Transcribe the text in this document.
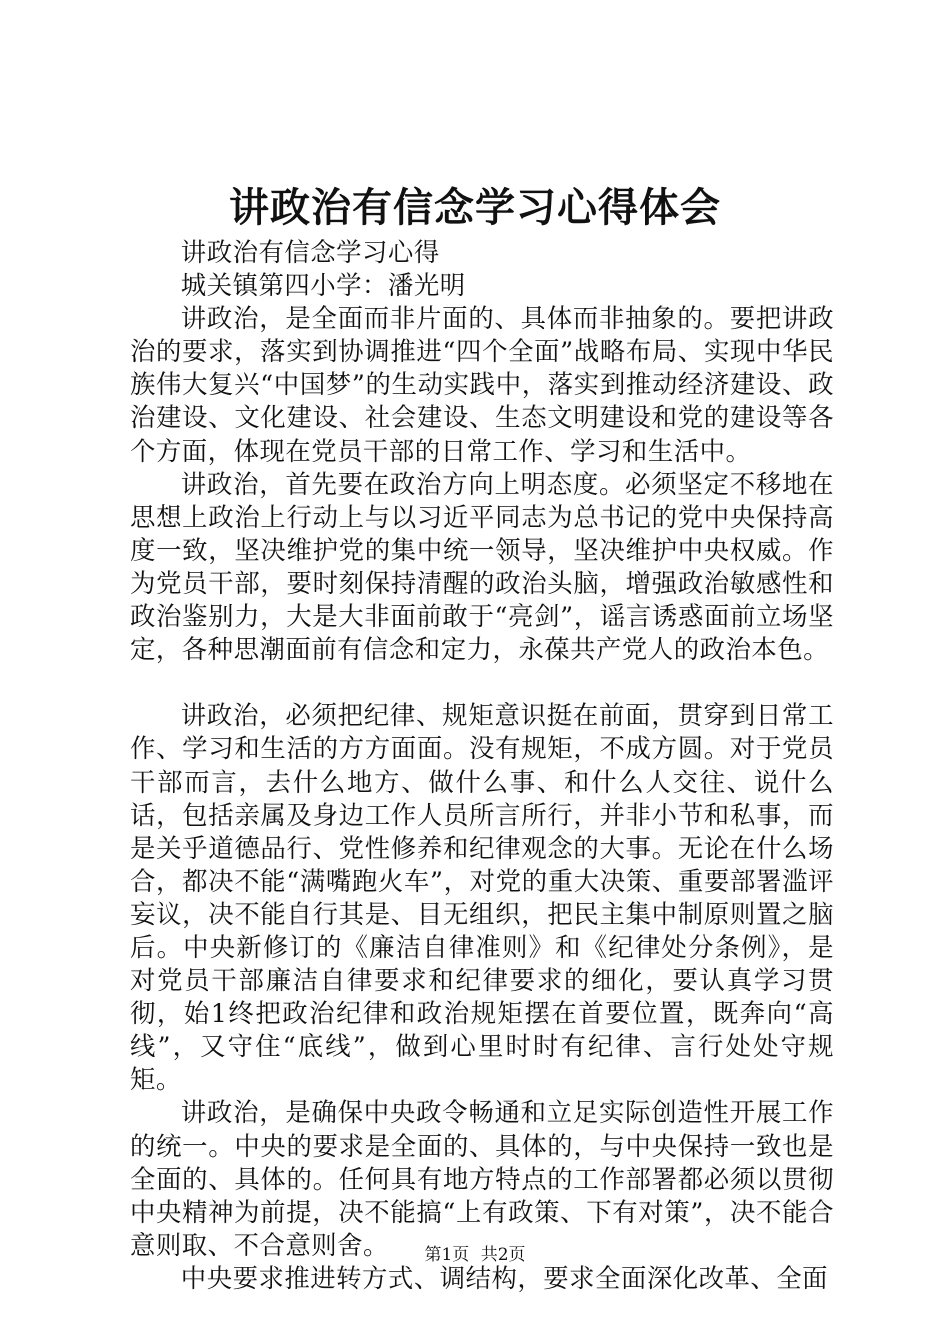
讲政治有信念学习心得体会

讲政治有信念学习心得

城关镇第四小学：潘光明

讲政治，是全面而非片面的、具体而非抽象的。要把讲政治的要求，落实到协调推进“四个全面”战略布局、实现中华民族伟大复兴“中国梦”的生动实践中，落实到推动经济建设、政治建设、文化建设、社会建设、生态文明建设和党的建设等各个方面，体现在党员干部的日常工作、学习和生活中。

讲政治，首先要在政治方向上明态度。必须坚定不移地在思想上政治上行动上与以习近平同志为总书记的党中央保持高度一致，坚决维护党的集中统一领导，坚决维护中央权威。作为党员干部，要时刻保持清醒的政治头脑，增强政治敏感性和政治鉴别力，大是大非面前敢于“亮剑”，谣言诱惑面前立场坚定，各种思潮面前有信念和定力，永葆共产党人的政治本色。

讲政治，必须把纪律、规矩意识挺在前面，贯穿到日常工作、学习和生活的方方面面。没有规矩，不成方圆。对于党员干部而言，去什么地方、做什么事、和什么人交往、说什么话，包括亲属及身边工作人员所言所行，并非小节和私事，而是关乎道德品行、党性修养和纪律观念的大事。无论在什么场合，都决不能“满嘴跑火车”，对党的重大决策、重要部署滥评妄议，决不能自行其是、目无组织，把民主集中制原则置之脑后。中央新修订的《廉洁自律准则》和《纪律处分条例》，是对党员干部廉洁自律要求和纪律要求的细化，要认真学习贯彻，始1终把政治纪律和政治规矩摆在首要位置，既奔向“高线”，又守住“底线”，做到心里时时有纪律、言行处处守规矩。

讲政治，是确保中央政令畅通和立足实际创造性开展工作的统一。中央的要求是全面的、具体的，与中央保持一致也是全面的、具体的。任何具有地方特点的工作部署都必须以贯彻中央精神为前提，决不能搞“上有政策、下有对策”，决不能合意则取、不合意则舍。

中央要求推进转方式、调结构，要求全面深化改革、全面

第1页 共2页
